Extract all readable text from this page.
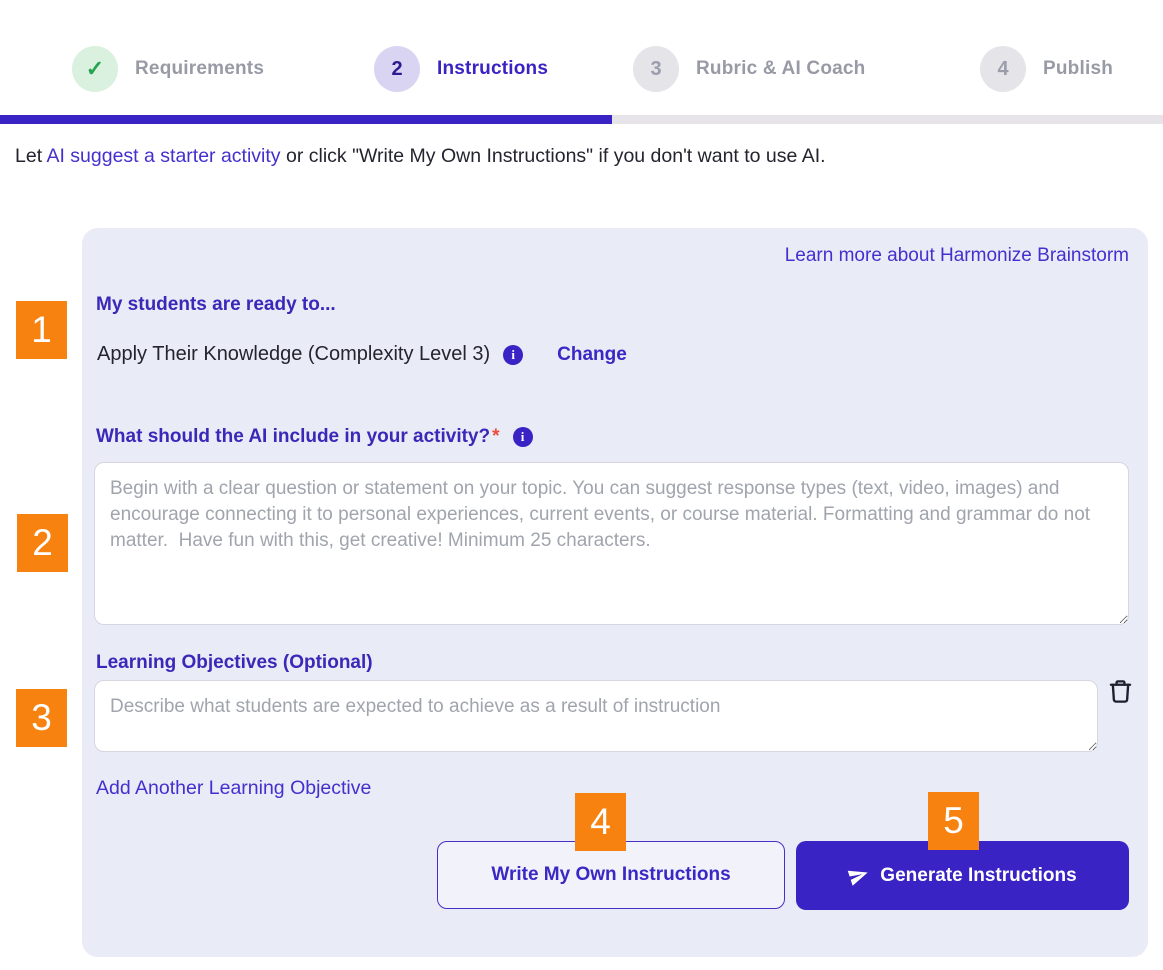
✓	Requirements	2	Instructions	3	Rubric & AI Coach	4	Publish

Let AI suggest a starter activity or click "Write My Own Instructions" if you don't want to use AI.

Learn more about Harmonize Brainstorm
My students are ready to...
Apply Their Knowledge (Complexity Level 3)	i	Change
What should the AI include in your activity? *	i
Begin with a clear question or statement on your topic. You can suggest response types (text, video, images) and encourage connecting it to personal experiences, current events, or course material. Formatting and grammar do not matter. Have fun with this, get creative! Minimum 25 characters.
Learning Objectives (Optional)
Describe what students are expected to achieve as a result of instruction
Add Another Learning Objective
Write My Own Instructions	Generate Instructions
1
2
3
4	5
